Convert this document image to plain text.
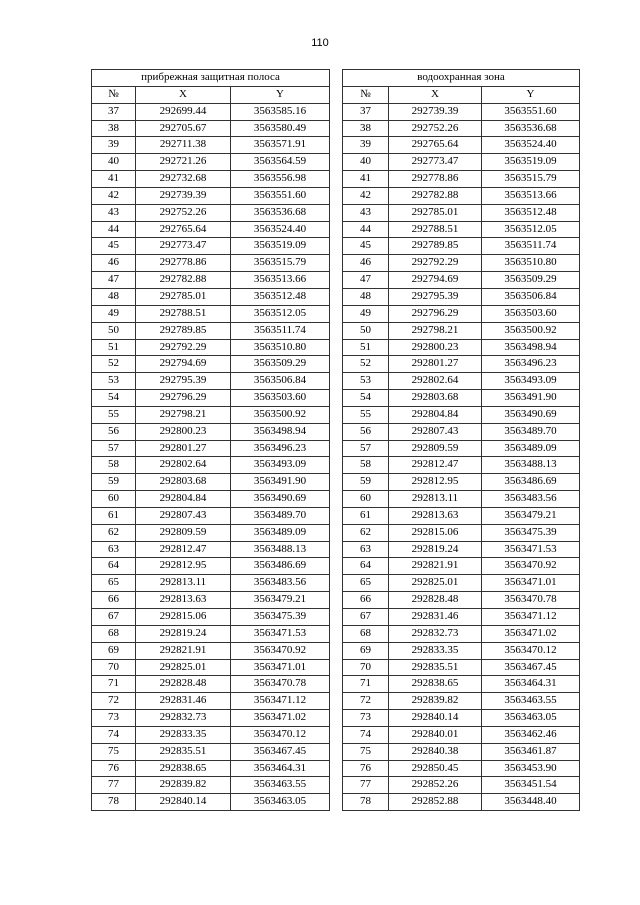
110
прибрежная защитная полоса		
№	X	Y
37	292699.44	3563585.16
38	292705.67	3563580.49
39	292711.38	3563571.91
40	292721.26	3563564.59
41	292732.68	3563556.98
42	292739.39	3563551.60
43	292752.26	3563536.68
44	292765.64	3563524.40
45	292773.47	3563519.09
46	292778.86	3563515.79
47	292782.88	3563513.66
48	292785.01	3563512.48
49	292788.51	3563512.05
50	292789.85	3563511.74
51	292792.29	3563510.80
52	292794.69	3563509.29
53	292795.39	3563506.84
54	292796.29	3563503.60
55	292798.21	3563500.92
56	292800.23	3563498.94
57	292801.27	3563496.23
58	292802.64	3563493.09
59	292803.68	3563491.90
60	292804.84	3563490.69
61	292807.43	3563489.70
62	292809.59	3563489.09
63	292812.47	3563488.13
64	292812.95	3563486.69
65	292813.11	3563483.56
66	292813.63	3563479.21
67	292815.06	3563475.39
68	292819.24	3563471.53
69	292821.91	3563470.92
70	292825.01	3563471.01
71	292828.48	3563470.78
72	292831.46	3563471.12
73	292832.73	3563471.02
74	292833.35	3563470.12
75	292835.51	3563467.45
76	292838.65	3563464.31
77	292839.82	3563463.55
78	292840.14	3563463.05
водоохранная зона		
№	X	Y
37	292739.39	3563551.60
38	292752.26	3563536.68
39	292765.64	3563524.40
40	292773.47	3563519.09
41	292778.86	3563515.79
42	292782.88	3563513.66
43	292785.01	3563512.48
44	292788.51	3563512.05
45	292789.85	3563511.74
46	292792.29	3563510.80
47	292794.69	3563509.29
48	292795.39	3563506.84
49	292796.29	3563503.60
50	292798.21	3563500.92
51	292800.23	3563498.94
52	292801.27	3563496.23
53	292802.64	3563493.09
54	292803.68	3563491.90
55	292804.84	3563490.69
56	292807.43	3563489.70
57	292809.59	3563489.09
58	292812.47	3563488.13
59	292812.95	3563486.69
60	292813.11	3563483.56
61	292813.63	3563479.21
62	292815.06	3563475.39
63	292819.24	3563471.53
64	292821.91	3563470.92
65	292825.01	3563471.01
66	292828.48	3563470.78
67	292831.46	3563471.12
68	292832.73	3563471.02
69	292833.35	3563470.12
70	292835.51	3563467.45
71	292838.65	3563464.31
72	292839.82	3563463.55
73	292840.14	3563463.05
74	292840.01	3563462.46
75	292840.38	3563461.87
76	292850.45	3563453.90
77	292852.26	3563451.54
78	292852.88	3563448.40
